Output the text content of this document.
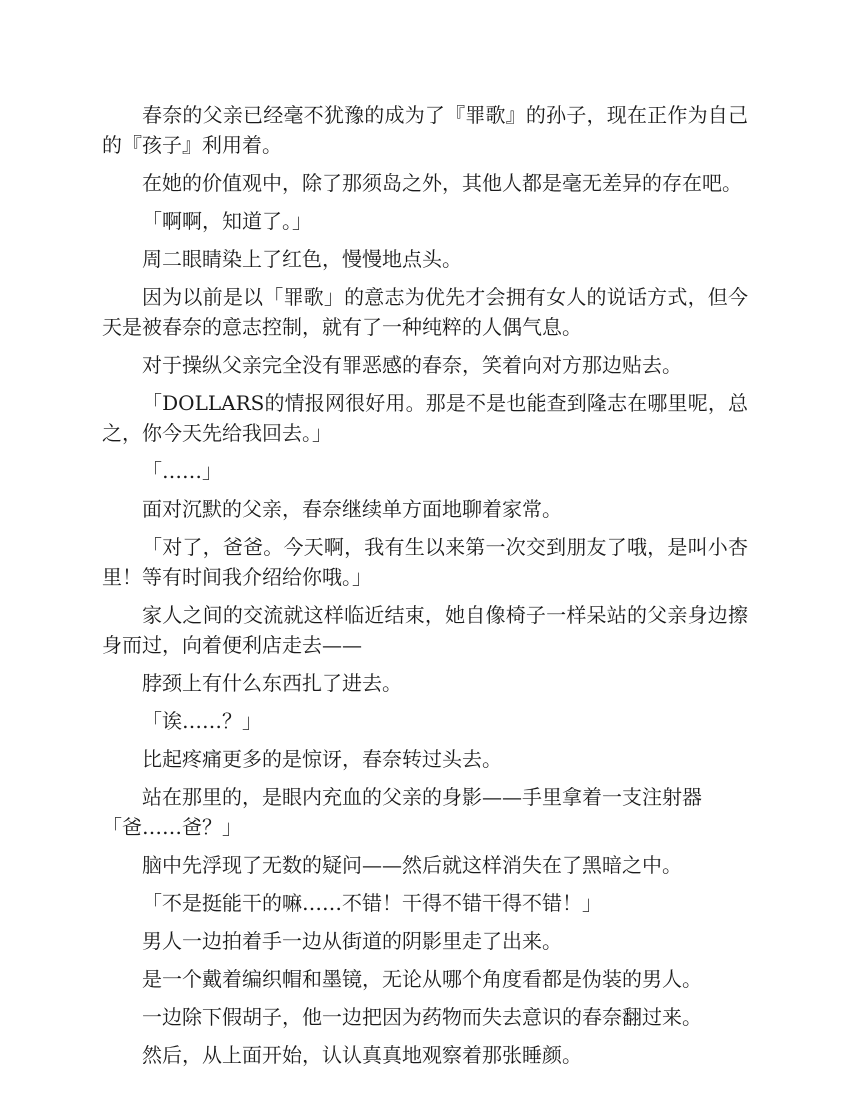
春奈的父亲已经毫不犹豫的成为了『罪歌』的孙子，现在正作为自己的『孩子』利用着。

在她的价值观中，除了那须岛之外，其他人都是毫无差异的存在吧。

「啊啊，知道了。」

周二眼睛染上了红色，慢慢地点头。

因为以前是以「罪歌」的意志为优先才会拥有女人的说话方式，但今天是被春奈的意志控制，就有了一种纯粹的人偶气息。

对于操纵父亲完全没有罪恶感的春奈，笑着向对方那边贴去。

「DOLLARS的情报网很好用。那是不是也能查到隆志在哪里呢，总之，你今天先给我回去。」

「……」

面对沉默的父亲，春奈继续单方面地聊着家常。

「对了，爸爸。今天啊，我有生以来第一次交到朋友了哦，是叫小杏里！等有时间我介绍给你哦。」

家人之间的交流就这样临近结束，她自像椅子一样呆站的父亲身边擦身而过，向着便利店走去——

脖颈上有什么东西扎了进去。

「诶……？」

比起疼痛更多的是惊讶，春奈转过头去。

站在那里的，是眼内充血的父亲的身影——手里拿着一支注射器

「爸……爸？」

脑中先浮现了无数的疑问——然后就这样消失在了黑暗之中。

「不是挺能干的嘛……不错！干得不错干得不错！」

男人一边拍着手一边从街道的阴影里走了出来。

是一个戴着编织帽和墨镜，无论从哪个角度看都是伪装的男人。

一边除下假胡子，他一边把因为药物而失去意识的春奈翻过来。

然后，从上面开始，认认真真地观察着那张睡颜。
